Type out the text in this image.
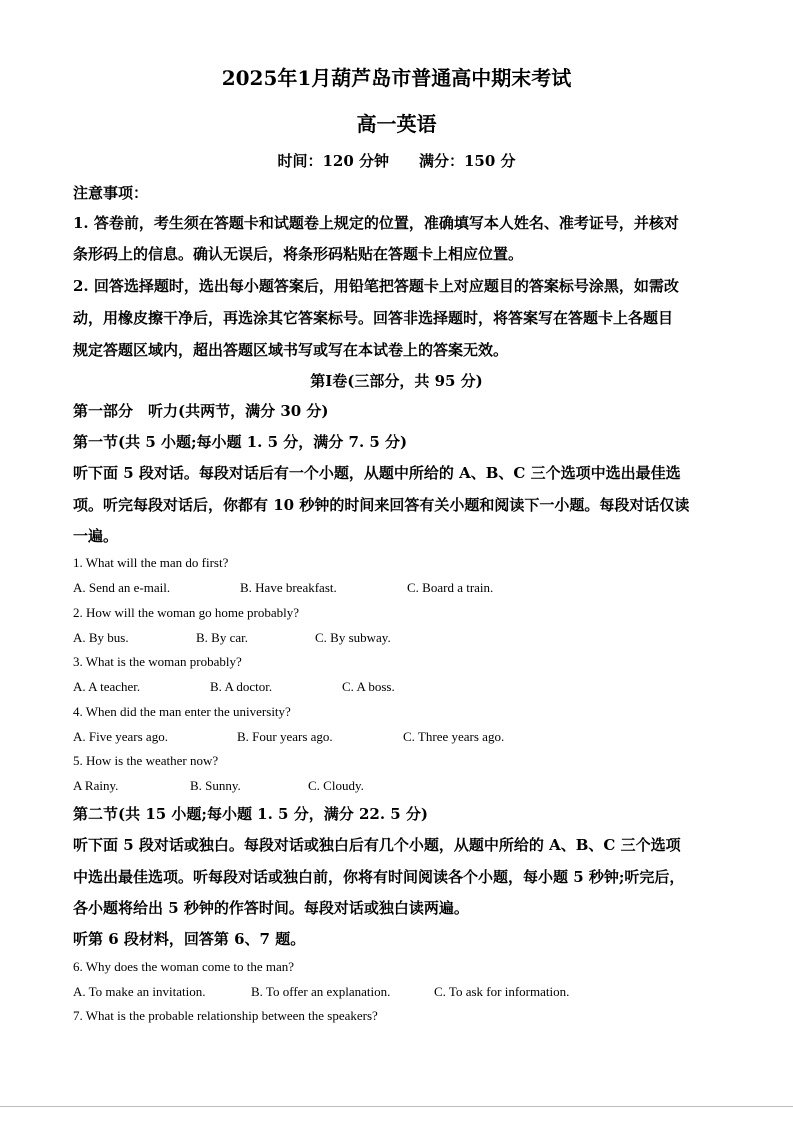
2025年1月葫芦岛市普通高中期末考试
高一英语
时间：120 分钟　　满分：150 分
注意事项：
1. 答卷前，考生须在答题卡和试题卷上规定的位置，准确填写本人姓名、准考证号，并核对
条形码上的信息。确认无误后，将条形码粘贴在答题卡上相应位置。
2. 回答选择题时，选出每小题答案后，用铅笔把答题卡上对应题目的答案标号涂黑，如需改
动，用橡皮擦干净后，再选涂其它答案标号。回答非选择题时，将答案写在答题卡上各题目
规定答题区域内，超出答题区域书写或写在本试卷上的答案无效。
第Ⅰ卷(三部分，共 95 分)
第一部分　听力(共两节，满分 30 分)
第一节(共 5 小题;每小题 1. 5 分，满分 7. 5 分)
听下面 5 段对话。每段对话后有一个小题，从题中所给的 A、B、C 三个选项中选出最佳选
项。听完每段对话后，你都有 10 秒钟的时间来回答有关小题和阅读下一小题。每段对话仅读
一遍。
1. What will the man do first?
A. Send an e-mail.	B. Have breakfast.	C. Board a train.
2. How will the woman go home probably?
A. By bus.	B. By car.	C. By subway.
3. What is the woman probably?
A. A teacher.	B. A doctor.	C. A boss.
4. When did the man enter the university?
A. Five years ago.	B. Four years ago.	C. Three years ago.
5. How is the weather now?
A Rainy.	B. Sunny.	C. Cloudy.
第二节(共 15 小题;每小题 1. 5 分，满分 22. 5 分)
听下面 5 段对话或独白。每段对话或独白后有几个小题，从题中所给的 A、B、C 三个选项
中选出最佳选项。听每段对话或独白前，你将有时间阅读各个小题，每小题 5 秒钟;听完后，
各小题将给出 5 秒钟的作答时间。每段对话或独白读两遍。
听第 6 段材料，回答第 6、7 题。
6. Why does the woman come to the man?
A. To make an invitation.	B. To offer an explanation.	C. To ask for information.
7. What is the probable relationship between the speakers?
